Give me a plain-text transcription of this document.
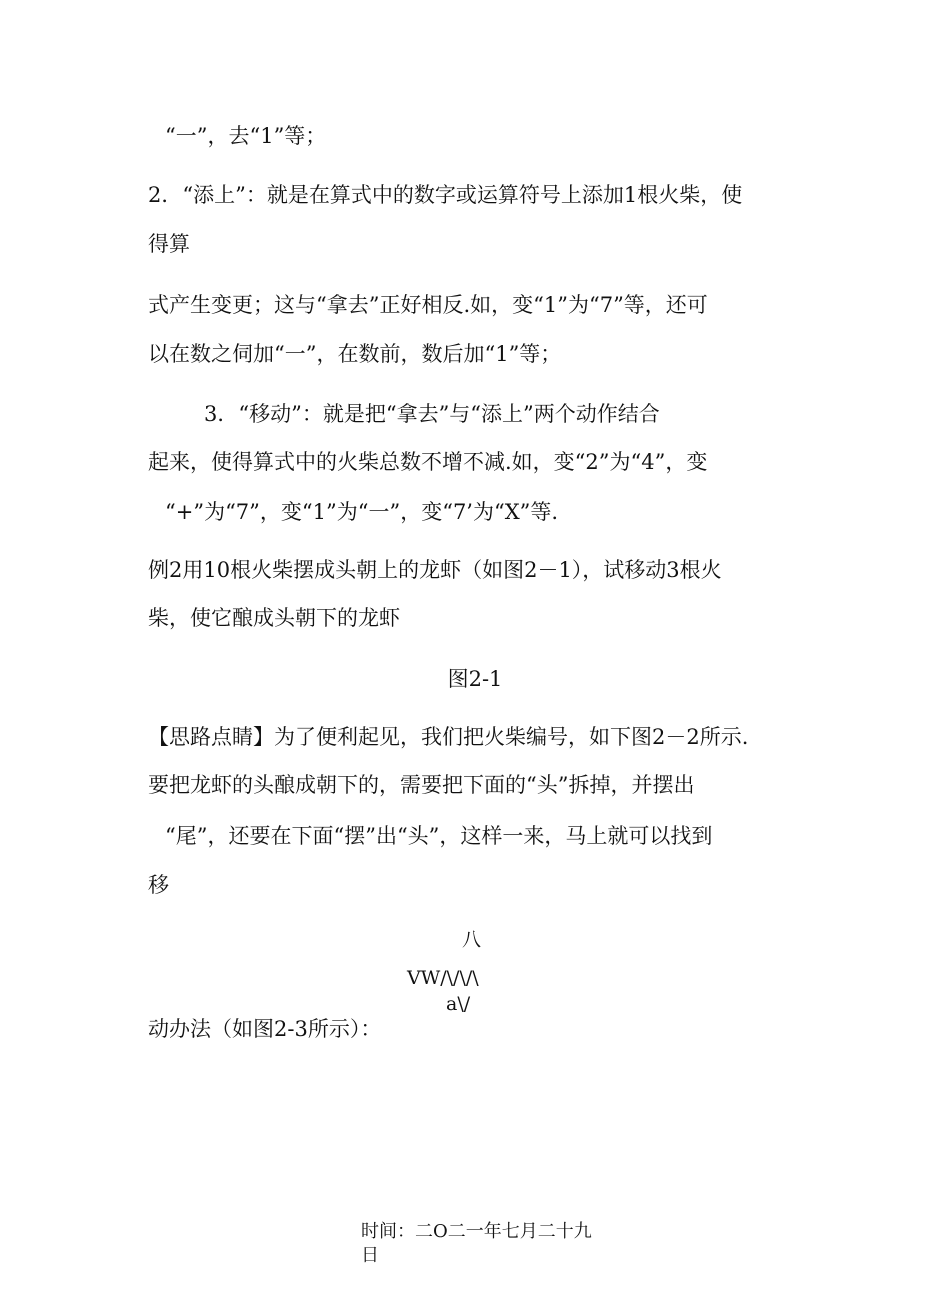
“一”，去“1”等；
2．“添上”：就是在算式中的数字或运算符号上添加1根火柴，使
得算
式产生变更；这与“拿去”正好相反.如，变“1”为“7”等，还可
以在数之伺加“一”，在数前，数后加“1”等；
3．“移动”：就是把“拿去”与“添上”两个动作结合
起来，使得算式中的火柴总数不增不减.如，变“2”为“4”，变
“+”为“7”，变“1”为“一”，变“7’为“X”等.
例2用10根火柴摆成头朝上的龙虾（如图2－1），试移动3根火
柴，使它酿成头朝下的龙虾
图2-1
【思路点睛】为了便利起见，我们把火柴编号，如下图2－2所示.
要把龙虾的头酿成朝下的，需要把下面的“头”拆掉，并摆出
“尾”，还要在下面“摆”出“头”，这样一来，马上就可以找到
移
八
VW/\/\/\
a\/
动办法（如图2-3所示）：
时间：二O二一年七月二十九
日
